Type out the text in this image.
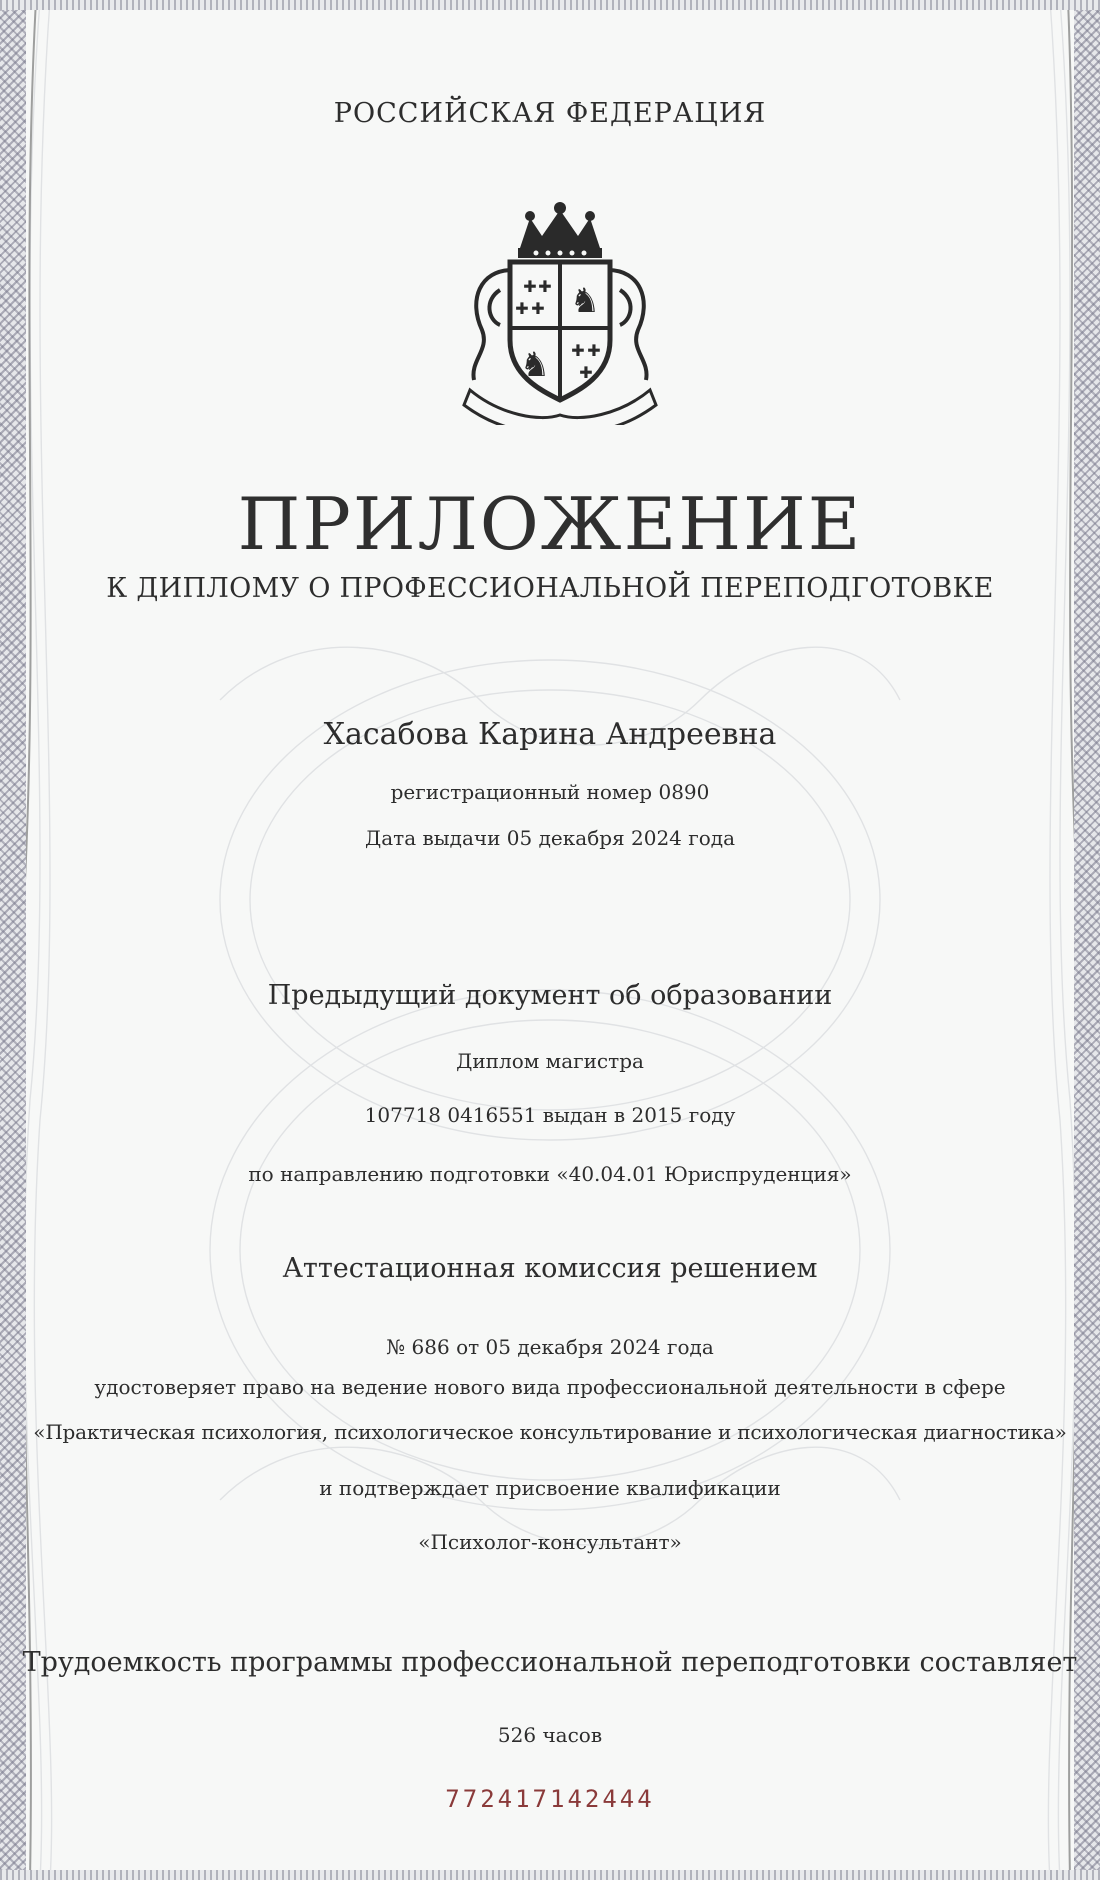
РОССИЙСКАЯ ФЕДЕРАЦИЯ
✚ ✚
✚ ✚
✚ ✚
✚
♞
♞
ПРИЛОЖЕНИЕ
К ДИПЛОМУ О ПРОФЕССИОНАЛЬНОЙ ПЕРЕПОДГОТОВКЕ
Хасабова Карина Андреевна
регистрационный номер 0890
Дата выдачи 05 декабря 2024 года
Предыдущий документ об образовании
Диплом магистра
107718 0416551 выдан в 2015 году
по направлению подготовки «40.04.01 Юриспруденция»
Аттестационная комиссия решением
№ 686 от 05 декабря 2024 года
удостоверяет право на ведение нового вида профессиональной деятельности в сфере
«Практическая психология, психологическое консультирование и психологическая диагностика»
и подтверждает присвоение квалификации
«Психолог-консультант»
Трудоемкость программы профессиональной переподготовки составляет
526 часов
772417142444
